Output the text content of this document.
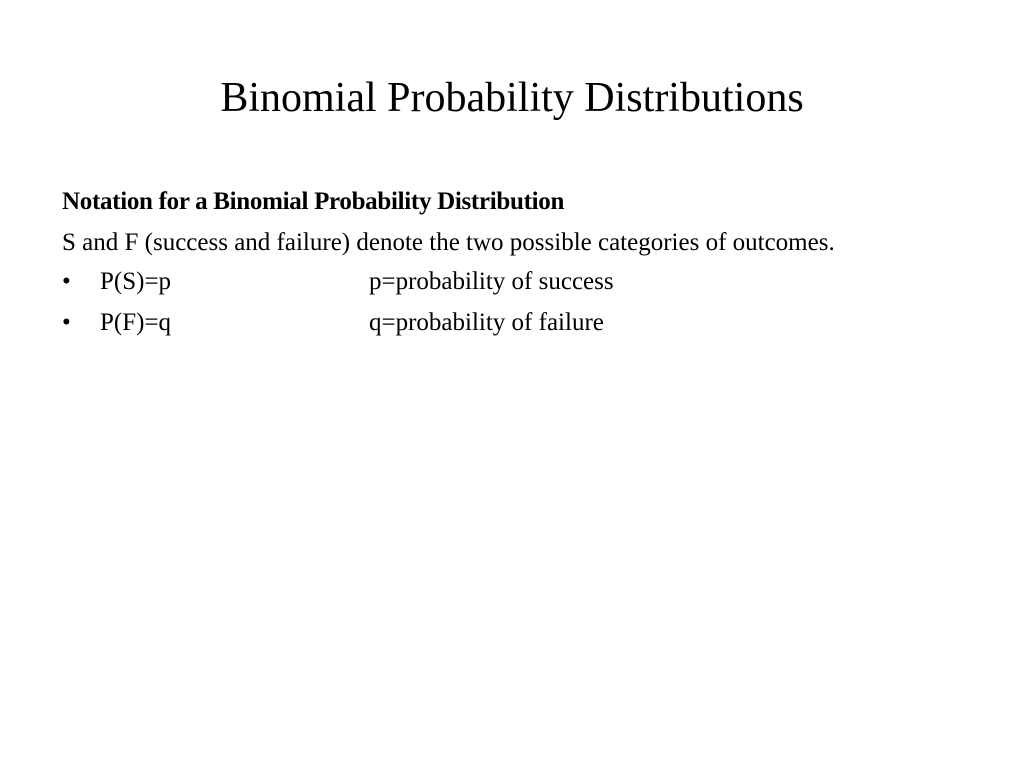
Binomial Probability Distributions
Notation for a Binomial Probability Distribution
S and F (success and failure) denote the two possible categories of outcomes.
• P(S)=p	p=probability of success
• P(F)=q	q=probability of failure
